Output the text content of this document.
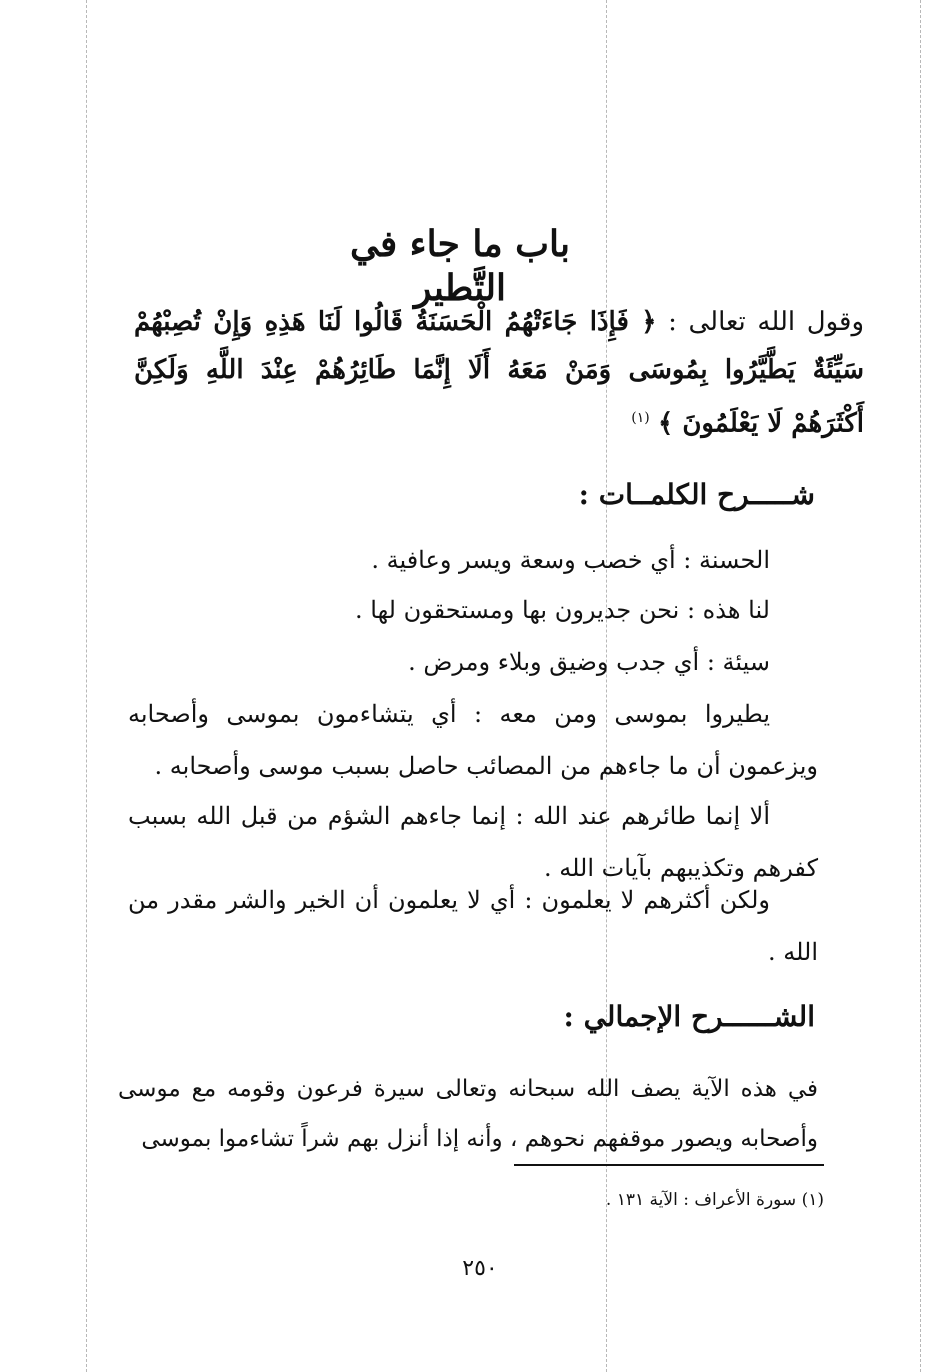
باب ما جاء في التَّطير

وقول الله تعالى : ﴿ فَإِذَا جَاءَتْهُمُ الْحَسَنَةُ قَالُوا لَنَا هَذِهِ وَإِنْ تُصِبْهُمْ سَيِّئَةٌ يَطَّيَّرُوا بِمُوسَى وَمَنْ مَعَهُ أَلَا إِنَّمَا طَائِرُهُمْ عِنْدَ اللَّهِ وَلَكِنَّ أَكْثَرَهُمْ لَا يَعْلَمُونَ ﴾ $^{(١)}$

شـــــرح الكلمــات :

الحسنة : أي خصب وسعة ويسر وعافية .

لنا هذه : نحن جديرون بها ومستحقون لها .

سيئة : أي جدب وضيق وبلاء ومرض .

يطيروا بموسى ومن معه : أي يتشاءمون بموسى وأصحابه ويزعمون أن ما جاءهم من المصائب حاصل بسبب موسى وأصحابه .

ألا إنما طائرهم عند الله : إنما جاءهم الشؤم من قبل الله بسبب كفرهم وتكذيبهم بآيات الله .

ولكن أكثرهم لا يعلمون : أي لا يعلمون أن الخير والشر مقدر من الله .

الشــــــرح الإجمالي :

في هذه الآية يصف الله سبحانه وتعالى سيرة فرعون وقومه مع موسى وأصحابه ويصور موقفهم نحوهم ، وأنه إذا أنزل بهم شراً تشاءموا بموسى

(١) سورة الأعراف : الآية ١٣١ .

٢٥٠
